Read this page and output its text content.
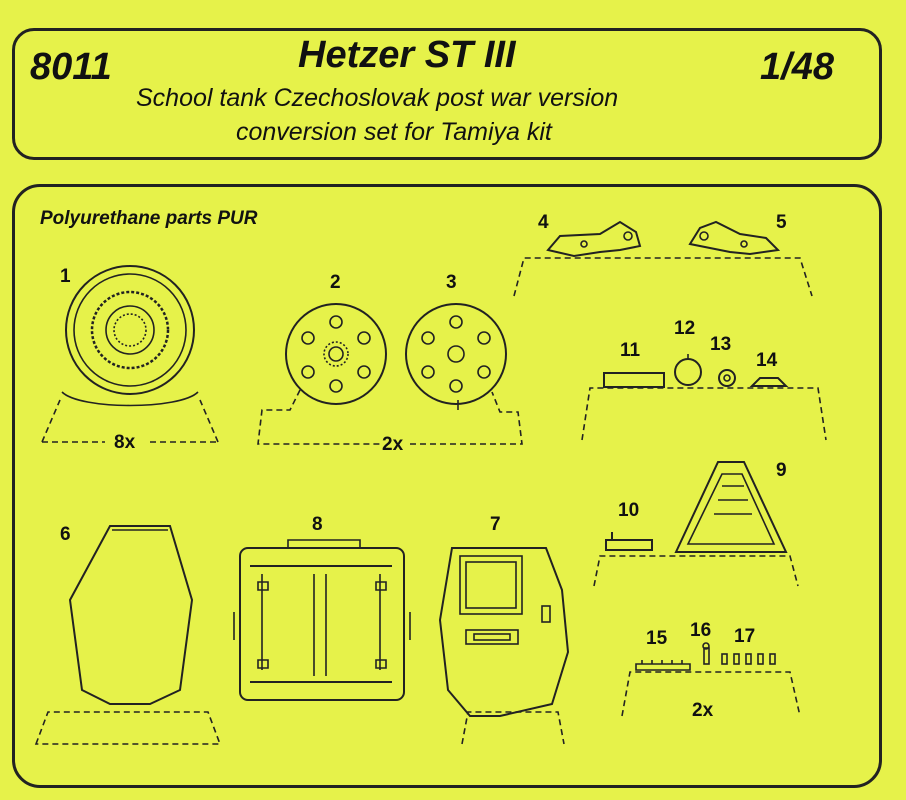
8011	Hetzer ST III	1/48
School tank Czechoslovak post war version
conversion set for Tamiya kit
Polyurethane parts PUR
1	2	3
4	5
6	7
8
9
10
11
12
13
14
15 16 17
8x	2x
2x
